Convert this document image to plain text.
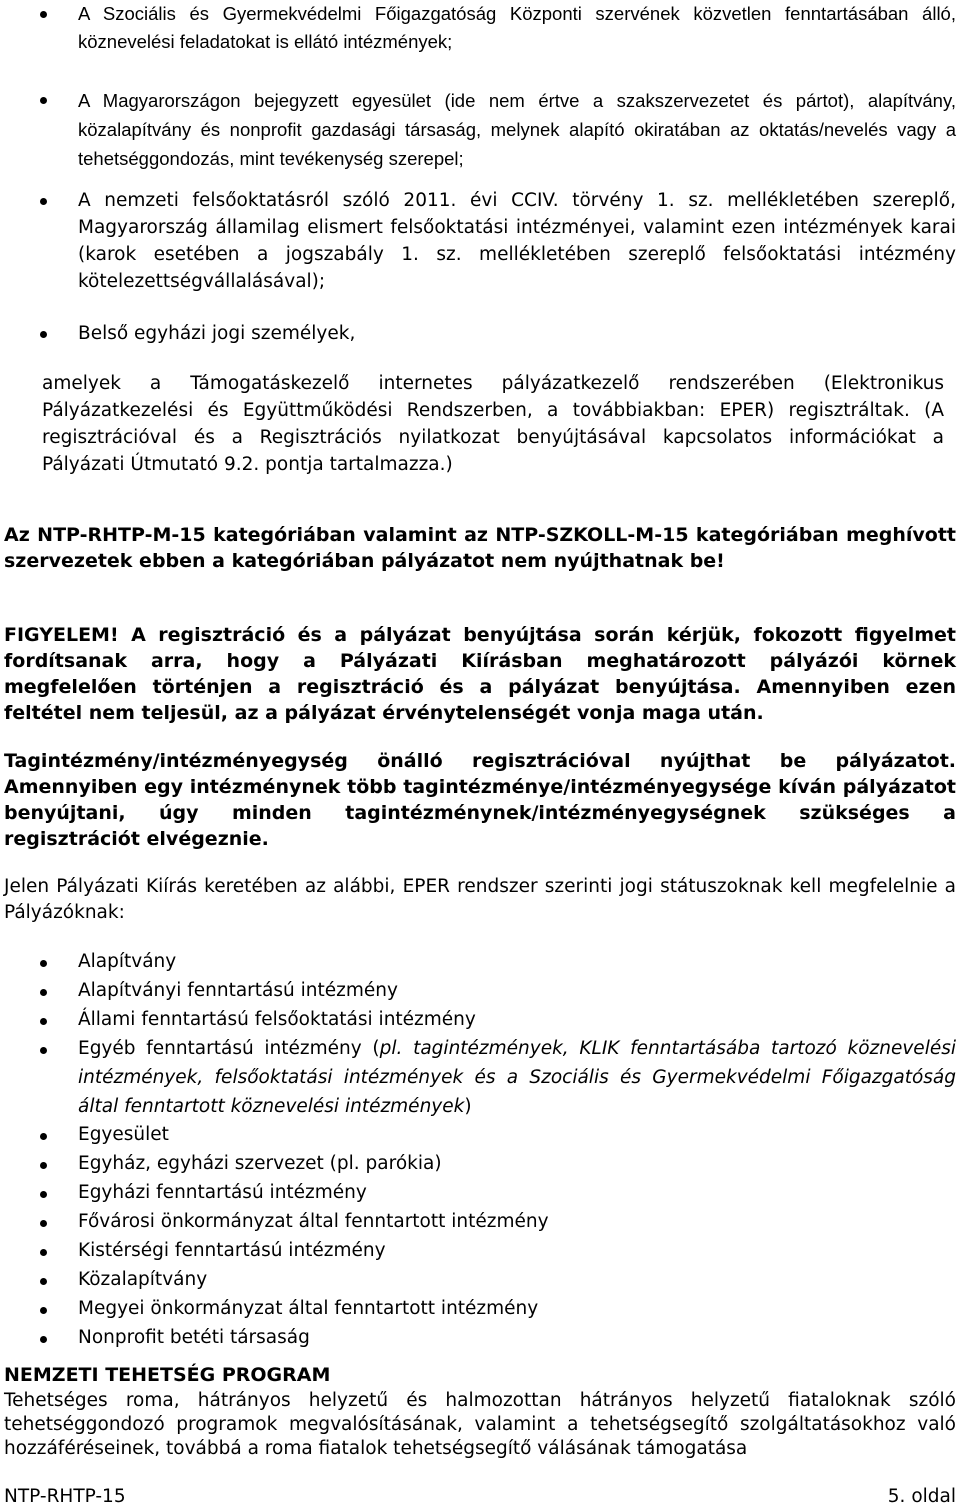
A Szociális és Gyermekvédelmi Főigazgatóság Központi szervének közvetlen fenntartásában álló, köznevelési feladatokat is ellátó intézmények;
A Magyarországon bejegyzett egyesület (ide nem értve a szakszervezetet és pártot), alapítvány, közalapítvány és nonprofit gazdasági társaság, melynek alapító okiratában az oktatás/nevelés vagy a tehetséggondozás, mint tevékenység szerepel;
A nemzeti felsőoktatásról szóló 2011. évi CCIV. törvény 1. sz. mellékletében szereplő, Magyarország államilag elismert felsőoktatási intézményei, valamint ezen intézmények karai (karok esetében a jogszabály 1. sz. mellékletében szereplő felsőoktatási intézmény kötelezettségvállalásával);
Belső egyházi jogi személyek,

amelyek a Támogatáskezelő internetes pályázatkezelő rendszerében (Elektronikus Pályázatkezelési és Együttműködési Rendszerben, a továbbiakban: EPER) regisztráltak. (A regisztrációval és a Regisztrációs nyilatkozat benyújtásával kapcsolatos információkat a Pályázati Útmutató 9.2. pontja tartalmazza.)

Az NTP-RHTP-M-15 kategóriában valamint az NTP-SZKOLL-M-15 kategóriában meghívott szervezetek ebben a kategóriában pályázatot nem nyújthatnak be!

FIGYELEM! A regisztráció és a pályázat benyújtása során kérjük, fokozott figyelmet fordítsanak arra, hogy a Pályázati Kiírásban meghatározott pályázói körnek megfelelően történjen a regisztráció és a pályázat benyújtása. Amennyiben ezen feltétel nem teljesül, az a pályázat érvénytelenségét vonja maga után.

Tagintézmény/intézményegység önálló regisztrációval nyújthat be pályázatot. Amennyiben egy intézménynek több tagintézménye/intézményegysége kíván pályázatot benyújtani, úgy minden tagintézménynek/intézményegységnek szükséges a regisztrációt elvégeznie.

Jelen Pályázati Kiírás keretében az alábbi, EPER rendszer szerinti jogi státuszoknak kell megfelelnie a Pályázóknak:

Alapítvány
Alapítványi fenntartású intézmény
Állami fenntartású felsőoktatási intézmény
Egyéb fenntartású intézmény (pl. tagintézmények, KLIK fenntartásába tartozó köznevelési intézmények, felsőoktatási intézmények és a Szociális és Gyermekvédelmi Főigazgatóság által fenntartott köznevelési intézmények)
Egyesület
Egyház, egyházi szervezet (pl. parókia)
Egyházi fenntartású intézmény
Fővárosi önkormányzat által fenntartott intézmény
Kistérségi fenntartású intézmény
Közalapítvány
Megyei önkormányzat által fenntartott intézmény
Nonprofit betéti társaság

NEMZETI TEHETSÉG PROGRAM

Tehetséges roma, hátrányos helyzetű és halmozottan hátrányos helyzetű fiataloknak szóló tehetséggondozó programok megvalósításának, valamint a tehetségsegítő szolgáltatásokhoz való hozzáféréseinek, továbbá a roma fiatalok tehetségsegítő válásának támogatása

NTP-RHTP-15	5. oldal
